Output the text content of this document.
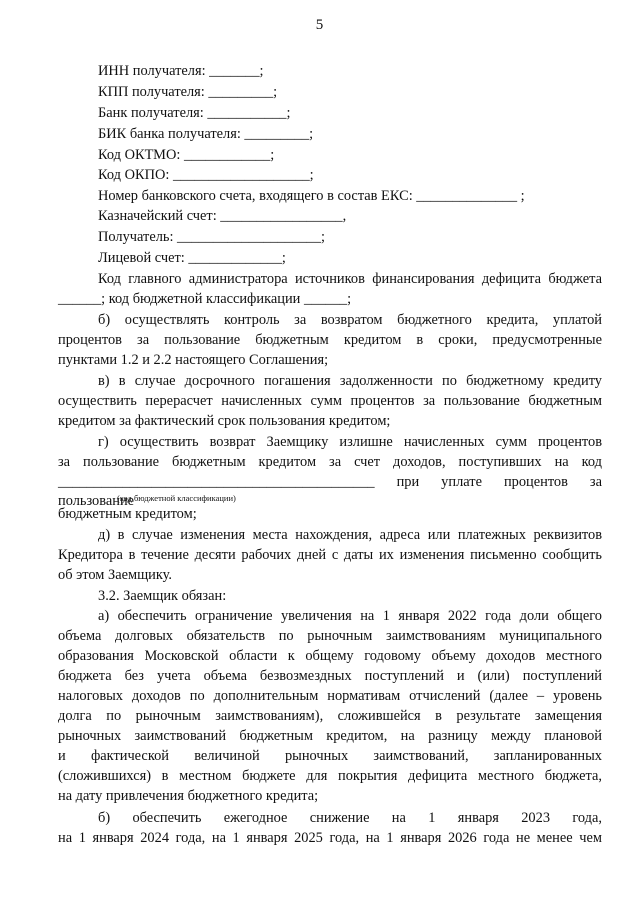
5
ИНН получателя: _______;
КПП получателя: _________;
Банк получателя: ___________;
БИК банка получателя: _________;
Код ОКТМО: ____________;
Код ОКПО: ___________________;
Номер банковского счета, входящего в состав ЕКС: ______________ ;
Казначейский счет: _________________,
Получатель: ____________________;
Лицевой счет: _____________;
Код главного администратора источников финансирования дефицита бюджета
______; код бюджетной классификации ______;
б) осуществлять контроль за возвратом бюджетного кредита, уплатой
процентов за пользование бюджетным кредитом в сроки, предусмотренные
пунктами 1.2 и 2.2 настоящего Соглашения;
в) в случае досрочного погашения задолженности по бюджетному кредиту
осуществить перерасчет начисленных сумм процентов за пользование бюджетным
кредитом за фактический срок пользования кредитом;
г) осуществить возврат Заемщику излишне начисленных сумм процентов
за пользование бюджетным кредитом за счет доходов, поступивших на код
____________________________________________ при уплате процентов за пользование
бюджетным кредитом;
д) в случае изменения места нахождения, адреса или платежных реквизитов
Кредитора в течение десяти рабочих дней с даты их изменения письменно сообщить
об этом Заемщику.
3.2. Заемщик обязан:
а) обеспечить ограничение увеличения на 1 января 2022 года доли общего
объема долговых обязательств по рыночным заимствованиям муниципального
образования Московской области к общему годовому объему доходов местного
бюджета без учета объема безвозмездных поступлений и (или) поступлений
налоговых доходов по дополнительным нормативам отчислений (далее – уровень
долга по рыночным заимствованиям), сложившейся в результате замещения
рыночных заимствований бюджетным кредитом, на разницу между плановой
и фактической величиной рыночных заимствований, запланированных
(сложившихся) в местном бюджете для покрытия дефицита местного бюджета,
на дату привлечения бюджетного кредита;
б) обеспечить ежегодное снижение на 1 января 2023 года,
на 1 января 2024 года, на 1 января 2025 года, на 1 января 2026 года не менее чем
(код бюджетной классификации)
